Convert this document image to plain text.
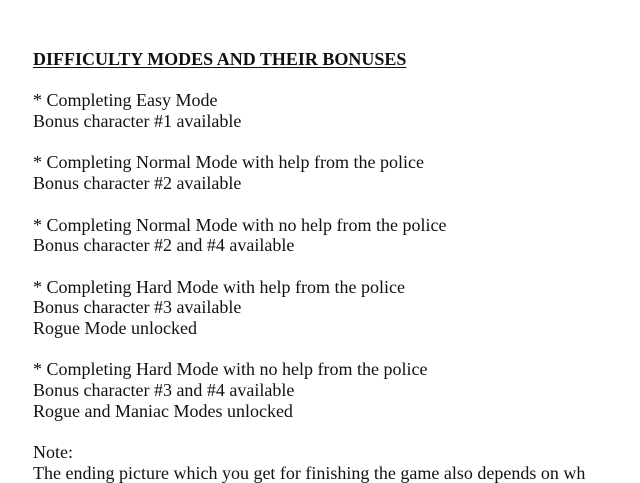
DIFFICULTY MODES AND THEIR BONUSES
* Completing Easy Mode
Bonus character #1 available
* Completing Normal Mode with help from the police
Bonus character #2 available
* Completing Normal Mode with no help from the police
Bonus character #2 and #4 available
* Completing Hard Mode with help from the police
Bonus character #3 available
Rogue Mode unlocked
* Completing Hard Mode with no help from the police
Bonus character #3 and #4 available
Rogue and Maniac Modes unlocked
Note:
The ending picture which you get for finishing the game also depends on wh
